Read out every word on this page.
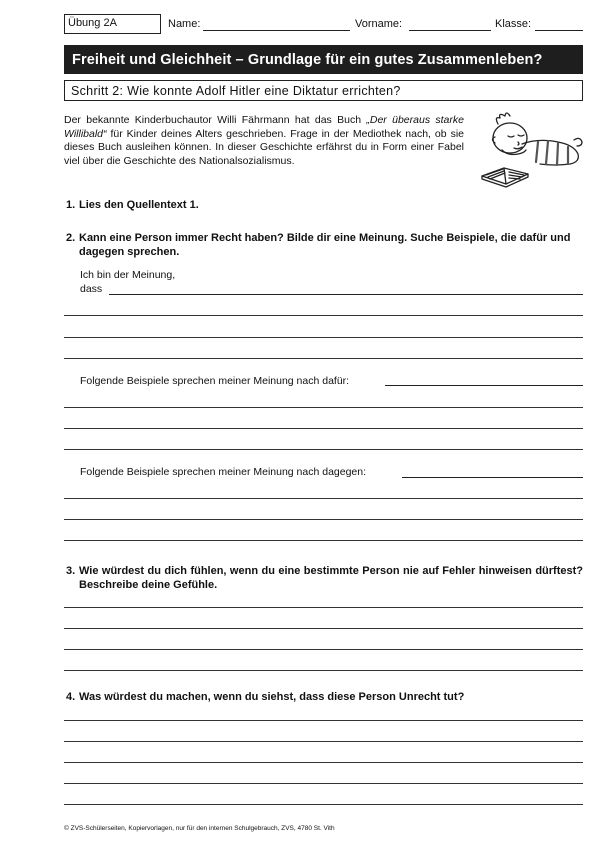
Übung 2A	Name:	Vorname:	Klasse:
Freiheit und Gleichheit – Grundlage für ein gutes Zusammenleben?
Schritt 2: Wie konnte Adolf Hitler eine Diktatur errichten?
Der bekannte Kinderbuchautor Willi Fährmann hat das Buch „Der überaus starke Willibald“ für Kinder deines Alters geschrieben. Frage in der Mediothek nach, ob sie dieses Buch ausleihen können. In dieser Geschichte erfährst du in Form einer Fabel viel über die Geschichte des Nationalsozialismus.
1. Lies den Quellentext 1.
2. Kann eine Person immer Recht haben? Bilde dir eine Meinung. Suche Beispiele, die dafür und dagegen sprechen.
Ich bin der Meinung,
dass
Folgende Beispiele sprechen meiner Meinung nach dafür:
Folgende Beispiele sprechen meiner Meinung nach dagegen:
3. Wie würdest du dich fühlen, wenn du eine bestimmte Person nie auf Fehler hinweisen dürftest? Beschreibe deine Gefühle.
4. Was würdest du machen, wenn du siehst, dass diese Person Unrecht tut?
© ZVS-Schülerseiten, Kopiervorlagen, nur für den internen Schulgebrauch, ZVS, 4780 St. Vith
